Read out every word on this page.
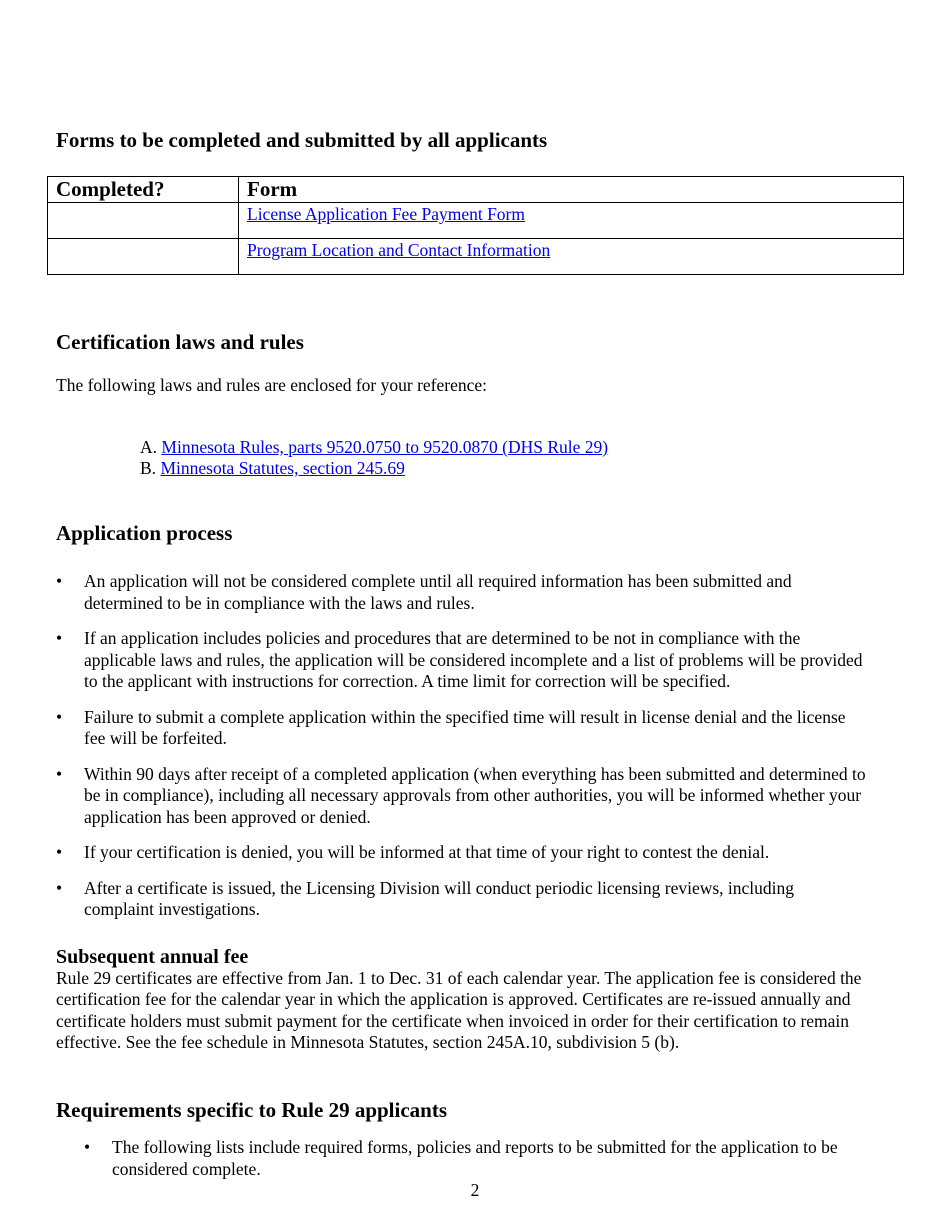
Forms to be completed and submitted by all applicants
Completed?	Form
	License Application Fee Payment Form
	Program Location and Contact Information
Certification laws and rules

The following laws and rules are enclosed for your reference:

A. Minnesota Rules, parts 9520.0750 to 9520.0870 (DHS Rule 29)
B. Minnesota Statutes, section 245.69
Application process
• An application will not be considered complete until all required information has been submitted and determined to be in compliance with the laws and rules.
• If an application includes policies and procedures that are determined to be not in compliance with the applicable laws and rules, the application will be considered incomplete and a list of problems will be provided to the applicant with instructions for correction. A time limit for correction will be specified.
• Failure to submit a complete application within the specified time will result in license denial and the license fee will be forfeited.
• Within 90 days after receipt of a completed application (when everything has been submitted and determined to be in compliance), including all necessary approvals from other authorities, you will be informed whether your application has been approved or denied.
• If your certification is denied, you will be informed at that time of your right to contest the denial.
• After a certificate is issued, the Licensing Division will conduct periodic licensing reviews, including complaint investigations.
Subsequent annual fee

Rule 29 certificates are effective from Jan. 1 to Dec. 31 of each calendar year. The application fee is considered the certification fee for the calendar year in which the application is approved. Certificates are re-issued annually and certificate holders must submit payment for the certificate when invoiced in order for their certification to remain effective. See the fee schedule in Minnesota Statutes, section 245A.10, subdivision 5 (b).

Requirements specific to Rule 29 applicants
• The following lists include required forms, policies and reports to be submitted for the application to be considered complete.
2
